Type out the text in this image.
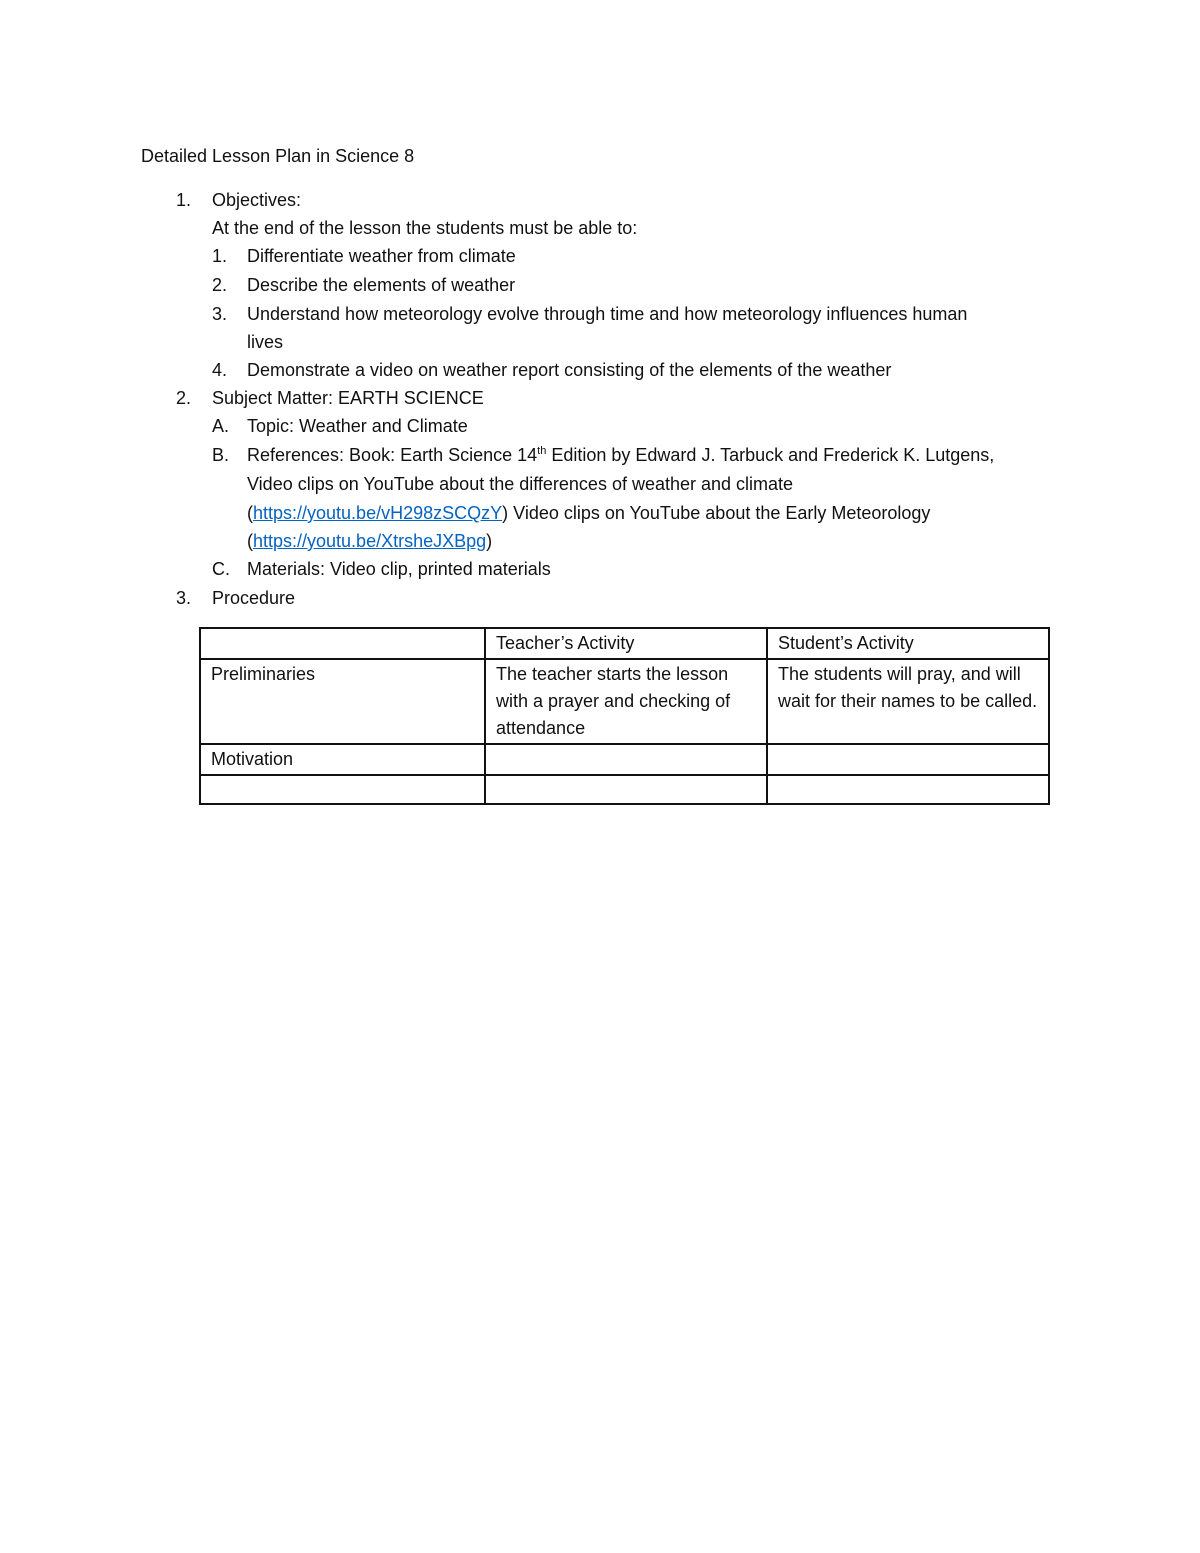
Detailed Lesson Plan in Science 8
1. Objectives:
At the end of the lesson the students must be able to:
1. Differentiate weather from climate
2. Describe the elements of weather
3. Understand how meteorology evolve through time and how meteorology influences human
lives
4. Demonstrate a video on weather report consisting of the elements of the weather
2. Subject Matter: EARTH SCIENCE
A. Topic: Weather and Climate
B. References: Book: Earth Science 14th Edition by Edward J. Tarbuck and Frederick K. Lutgens,
Video clips on YouTube about the differences of weather and climate
(https://youtu.be/vH298zSCQzY) Video clips on YouTube about the Early Meteorology
(https://youtu.be/XtrsheJXBpg)
C. Materials: Video clip, printed materials
3. Procedure
	Teacher’s Activity	Student’s Activity
Preliminaries	The teacher starts the lesson with a prayer and checking of attendance	The students will pray, and will wait for their names to be called.
Motivation		
